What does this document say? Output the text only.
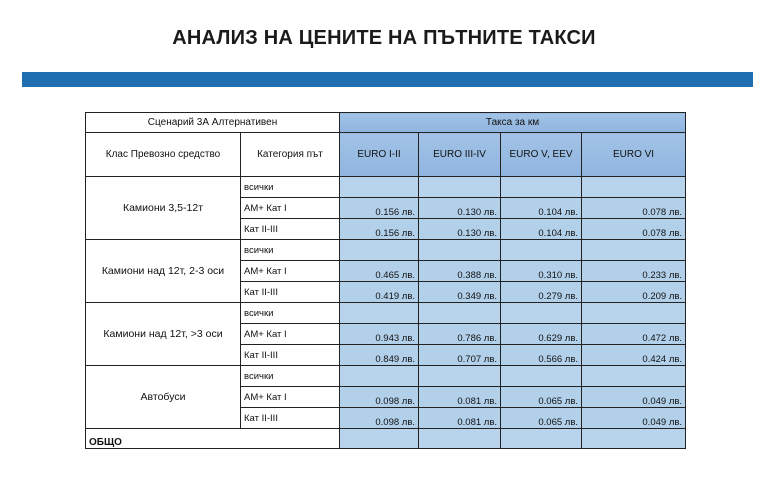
АНАЛИЗ НА ЦЕНИТЕ НА ПЪТНИТЕ ТАКСИ
Сценарий 3А Алтернативен		Такса за км			
Клас Превозно средство	Категория път	EURO I-II	EURO III-IV	EURO V, EEV	EURO VI
Камиони 3,5-12т	всички				
	АМ+ Кат I	0.156 лв.	0.130 лв.	0.104 лв.	0.078 лв.
	Кат II-III	0.156 лв.	0.130 лв.	0.104 лв.	0.078 лв.
Камиони над 12т, 2-3 оси	всички				
	АМ+ Кат I	0.465 лв.	0.388 лв.	0.310 лв.	0.233 лв.
	Кат II-III	0.419 лв.	0.349 лв.	0.279 лв.	0.209 лв.
Камиони над 12т, >3 оси	всички				
	АМ+ Кат I	0.943 лв.	0.786 лв.	0.629 лв.	0.472 лв.
	Кат II-III	0.849 лв.	0.707 лв.	0.566 лв.	0.424 лв.
Автобуси	всички				
	АМ+ Кат I	0.098 лв.	0.081 лв.	0.065 лв.	0.049 лв.
	Кат II-III	0.098 лв.	0.081 лв.	0.065 лв.	0.049 лв.
ОБЩО					
